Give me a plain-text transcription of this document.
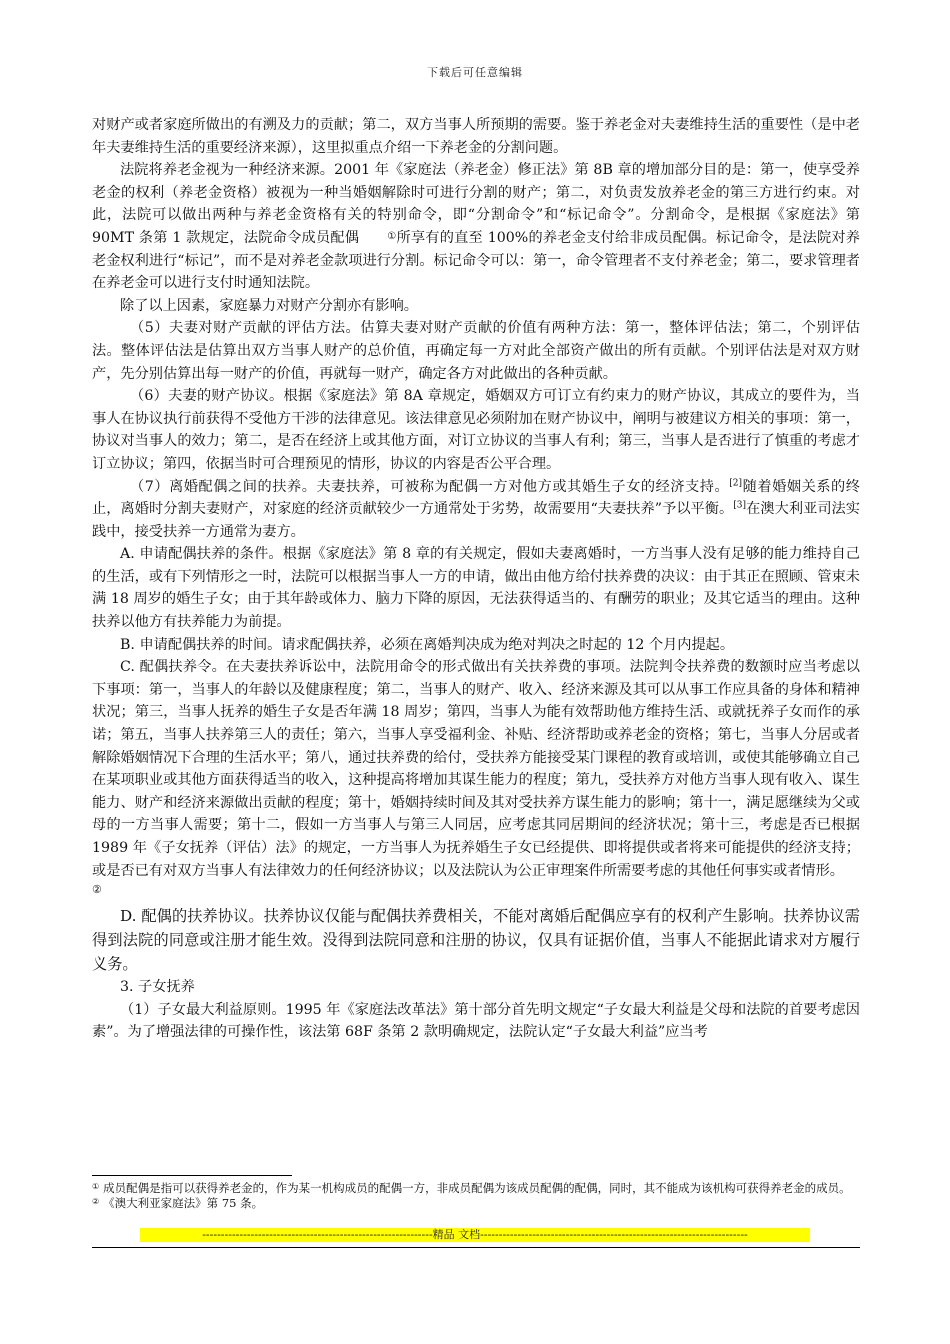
下载后可任意编辑

对财产或者家庭所做出的有溯及力的贡献；第二，双方当事人所预期的需要。鉴于养老金对夫妻维持生活的重要性（是中老年夫妻维持生活的重要经济来源），这里拟重点介绍一下养老金的分割问题。

法院将养老金视为一种经济来源。2001 年《家庭法（养老金）修正法》第 8B 章的增加部分目的是：第一，使享受养老金的权利（养老金资格）被视为一种当婚姻解除时可进行分割的财产；第二，对负责发放养老金的第三方进行约束。对此，法院可以做出两种与养老金资格有关的特别命令，即“分割命令”和“标记命令”。分割命令，是根据《家庭法》第 90MT 条第 1 款规定，法院命令成员配偶	①所享有的直至 100%的养老金支付给非成员配偶。标记命令，是法院对养老金权利进行“标记”，而不是对养老金款项进行分割。标记命令可以：第一，命令管理者不支付养老金；第二，要求管理者在养老金可以进行支付时通知法院。

除了以上因素，家庭暴力对财产分割亦有影响。

（5）夫妻对财产贡献的评估方法。估算夫妻对财产贡献的价值有两种方法：第一，整体评估法；第二，个别评估法。整体评估法是估算出双方当事人财产的总价值，再确定每一方对此全部资产做出的所有贡献。个别评估法是对双方财产，先分别估算出每一财产的价值，再就每一财产，确定各方对此做出的各种贡献。

（6）夫妻的财产协议。根据《家庭法》第 8A 章规定，婚姻双方可订立有约束力的财产协议，其成立的要件为，当事人在协议执行前获得不受他方干涉的法律意见。该法律意见必须附加在财产协议中，阐明与被建议方相关的事项：第一，协议对当事人的效力；第二，是否在经济上或其他方面，对订立协议的当事人有利；第三，当事人是否进行了慎重的考虑才订立协议；第四，依据当时可合理预见的情形，协议的内容是否公平合理。

（7）离婚配偶之间的扶养。夫妻扶养，可被称为配偶一方对他方或其婚生子女的经济支持。[2]随着婚姻关系的终止，离婚时分割夫妻财产，对家庭的经济贡献较少一方通常处于劣势，故需要用“夫妻扶养”予以平衡。[3]在澳大利亚司法实践中，接受扶养一方通常为妻方。

A. 申请配偶扶养的条件。根据《家庭法》第 8 章的有关规定，假如夫妻离婚时，一方当事人没有足够的能力维持自己的生活，或有下列情形之一时，法院可以根据当事人一方的申请，做出由他方给付扶养费的决议：由于其正在照顾、管束未满 18 周岁的婚生子女；由于其年龄或体力、脑力下降的原因，无法获得适当的、有酬劳的职业；及其它适当的理由。这种扶养以他方有扶养能力为前提。

B. 申请配偶扶养的时间。请求配偶扶养，必须在离婚判决成为绝对判决之时起的 12 个月内提起。

C. 配偶扶养令。在夫妻扶养诉讼中，法院用命令的形式做出有关扶养费的事项。法院判令扶养费的数额时应当考虑以下事项：第一，当事人的年龄以及健康程度；第二，当事人的财产、收入、经济来源及其可以从事工作应具备的身体和精神状况；第三，当事人抚养的婚生子女是否年满 18 周岁；第四，当事人为能有效帮助他方维持生活、或就抚养子女而作的承诺；第五，当事人扶养第三人的责任；第六，当事人享受福利金、补贴、经济帮助或养老金的资格；第七，当事人分居或者解除婚姻情况下合理的生活水平；第八，通过扶养费的给付，受扶养方能接受某门课程的教育或培训，或使其能够确立自己在某项职业或其他方面获得适当的收入，这种提高将增加其谋生能力的程度；第九，受扶养方对他方当事人现有收入、谋生能力、财产和经济来源做出贡献的程度；第十，婚姻持续时间及其对受扶养方谋生能力的影响；第十一，满足愿继续为父或母的一方当事人需要；第十二，假如一方当事人与第三人同居，应考虑其同居期间的经济状况；第十三，考虑是否已根据 1989 年《子女抚养（评估）法》的规定，一方当事人为抚养婚生子女已经提供、即将提供或者将来可能提供的经济支持；或是否已有对双方当事人有法律效力的任何经济协议；以及法院认为公正审理案件所需要考虑的其他任何事实或者情形。

②

D. 配偶的扶养协议。扶养协议仅能与配偶扶养费相关，不能对离婚后配偶应享有的权利产生影响。扶养协议需得到法院的同意或注册才能生效。没得到法院同意和注册的协议，仅具有证据价值，当事人不能据此请求对方履行义务。

3. 子女抚养

（1）子女最大利益原则。1995 年《家庭法改革法》第十部分首先明文规定“子女最大利益是父母和法院的首要考虑因素”。为了增强法律的可操作性，该法第 68F 条第 2 款明确规定，法院认定“子女最大利益”应当考

① 成员配偶是指可以获得养老金的，作为某一机构成员的配偶一方，非成员配偶为该成员配偶的配偶，同时，其不能成为该机构可获得养老金的成员。

② 《澳大利亚家庭法》第 75 条。

--------------------------------------------------------------精品 文档------------------------------------------------------------------------
